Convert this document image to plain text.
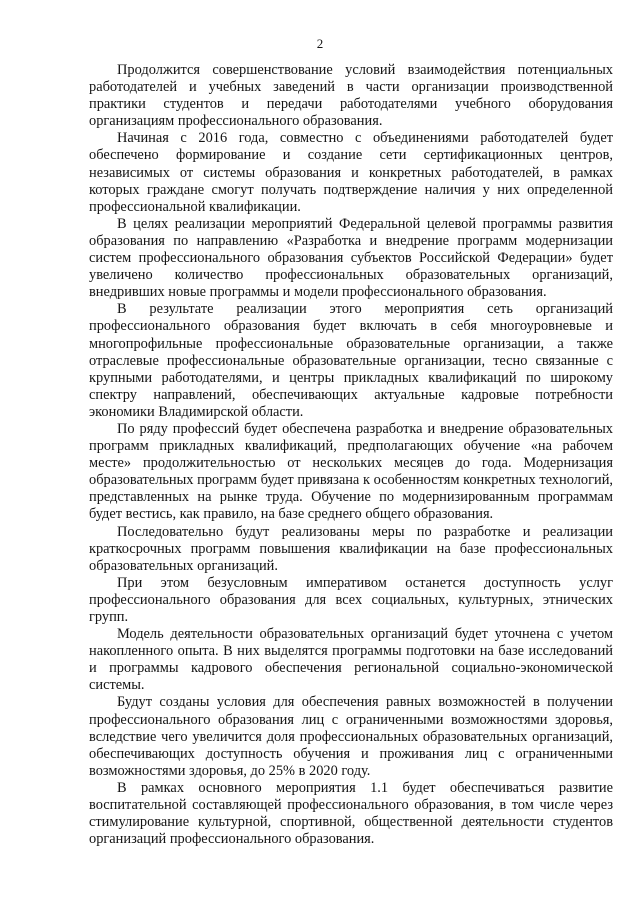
2

Продолжится совершенствование условий взаимодействия потенциальных работодателей и учебных заведений в части организации производственной практики студентов и передачи работодателями учебного оборудования организациям профессионального образования.

Начиная с 2016 года, совместно с объединениями работодателей будет обеспечено формирование и создание сети сертификационных центров, независимых от системы образования и конкретных работодателей, в рамках которых граждане смогут получать подтверждение наличия у них определенной профессиональной квалификации.

В целях реализации мероприятий Федеральной целевой программы развития образования по направлению «Разработка и внедрение программ модернизации систем профессионального образования субъектов Российской Федерации» будет увеличено количество профессиональных образовательных организаций, внедривших новые программы и модели профессионального образования.

В результате реализации этого мероприятия сеть организаций профессионального образования будет включать в себя многоуровневые и многопрофильные профессиональные образовательные организации, а также отраслевые профессиональные образовательные организации, тесно связанные с крупными работодателями, и центры прикладных квалификаций по широкому спектру направлений, обеспечивающих актуальные кадровые потребности экономики Владимирской области.

По ряду профессий будет обеспечена разработка и внедрение образовательных программ прикладных квалификаций, предполагающих обучение «на рабочем месте» продолжительностью от нескольких месяцев до года. Модернизация образовательных программ будет привязана к особенностям конкретных технологий, представленных на рынке труда. Обучение по модернизированным программам будет вестись, как правило, на базе среднего общего образования.

Последовательно будут реализованы меры по разработке и реализации краткосрочных программ повышения квалификации на базе профессиональных образовательных организаций.

При этом безусловным императивом останется доступность услуг профессионального образования для всех социальных, культурных, этнических групп.

Модель деятельности образовательных организаций будет уточнена с учетом накопленного опыта. В них выделятся программы подготовки на базе исследований и программы кадрового обеспечения региональной социально-экономической системы.

Будут созданы условия для обеспечения равных возможностей в получении профессионального образования лиц с ограниченными возможностями здоровья, вследствие чего увеличится доля профессиональных образовательных организаций, обеспечивающих доступность обучения и проживания лиц с ограниченными возможностями здоровья, до 25% в 2020 году.

В рамках основного мероприятия 1.1 будет обеспечиваться развитие воспитательной составляющей профессионального образования, в том числе через стимулирование культурной, спортивной, общественной деятельности студентов организаций профессионального образования.
